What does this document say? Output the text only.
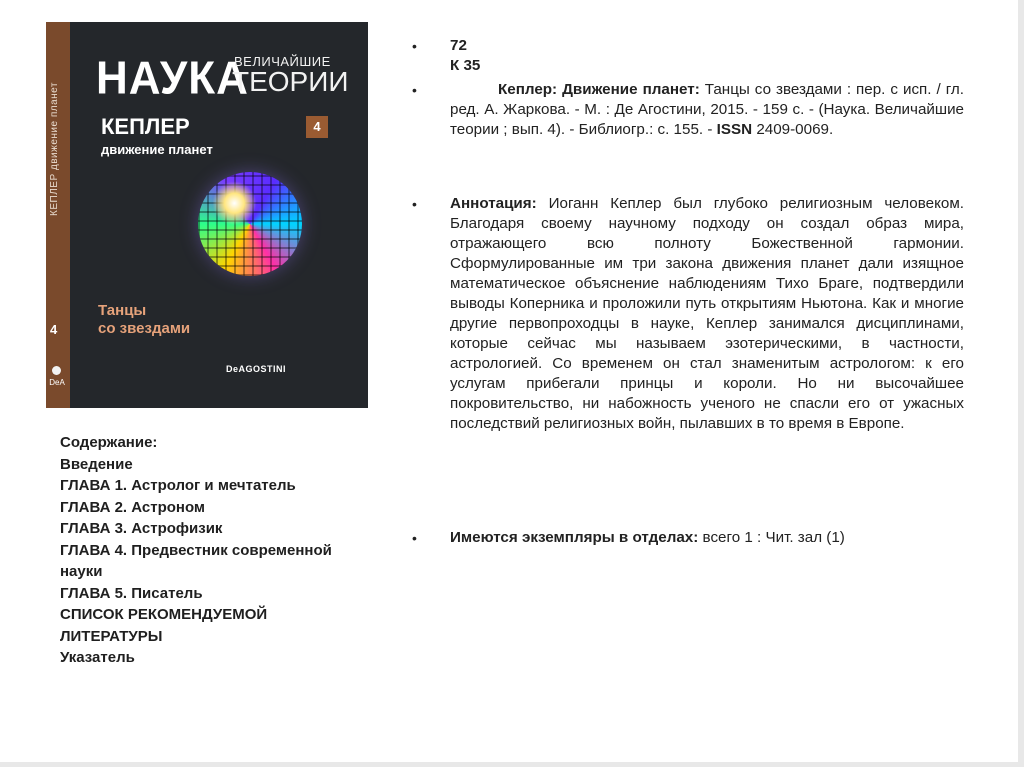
КЕПЛЕР движение планет
4
DeA
НАУКА
ВЕЛИЧАЙШИЕ
ТЕОРИИ
КЕПЛЕР
движение планет
4
Танцы
со звездами
DeAGOSTINI
Содержание:
Введение
ГЛАВА 1. Астролог и мечтатель
ГЛАВА 2. Астроном
ГЛАВА 3. Астрофизик
ГЛАВА 4. Предвестник современной
науки
ГЛАВА 5. Писатель
СПИСОК РЕКОМЕНДУЕМОЙ
ЛИТЕРАТУРЫ
Указатель
•	72
К 35
•	Кеплер: Движение планет: Танцы со звездами : пер. с исп. / гл. ред. А. Жаркова. - М. : Де Агостини, 2015. - 159 с. - (Наука. Величайшие теории ; вып. 4). - Библиогр.: с. 155. - ISSN 2409-0069.
•	Аннотация: Иоганн Кеплер был глубоко религиозным человеком. Благодаря своему научному подходу он создал образ мира, отражающего всю полноту Божественной гармонии. Сформулированные им три закона движения планет дали изящное математическое объяснение наблюдениям Тихо Браге, подтвердили выводы Коперника и проложили путь открытиям Ньютона. Как и многие другие первопроходцы в науке, Кеплер занимался дисциплинами, которые сейчас мы называем эзотерическими, в частности, астрологией. Со временем он стал знаменитым астрологом: к его услугам прибегали принцы и короли. Но ни высочайшее покровительство, ни набожность ученого не спасли его от ужасных последствий религиозных войн, пылавших в то время в Европе.
•	Имеются экземпляры в отделах: всего 1 : Чит. зал (1)
